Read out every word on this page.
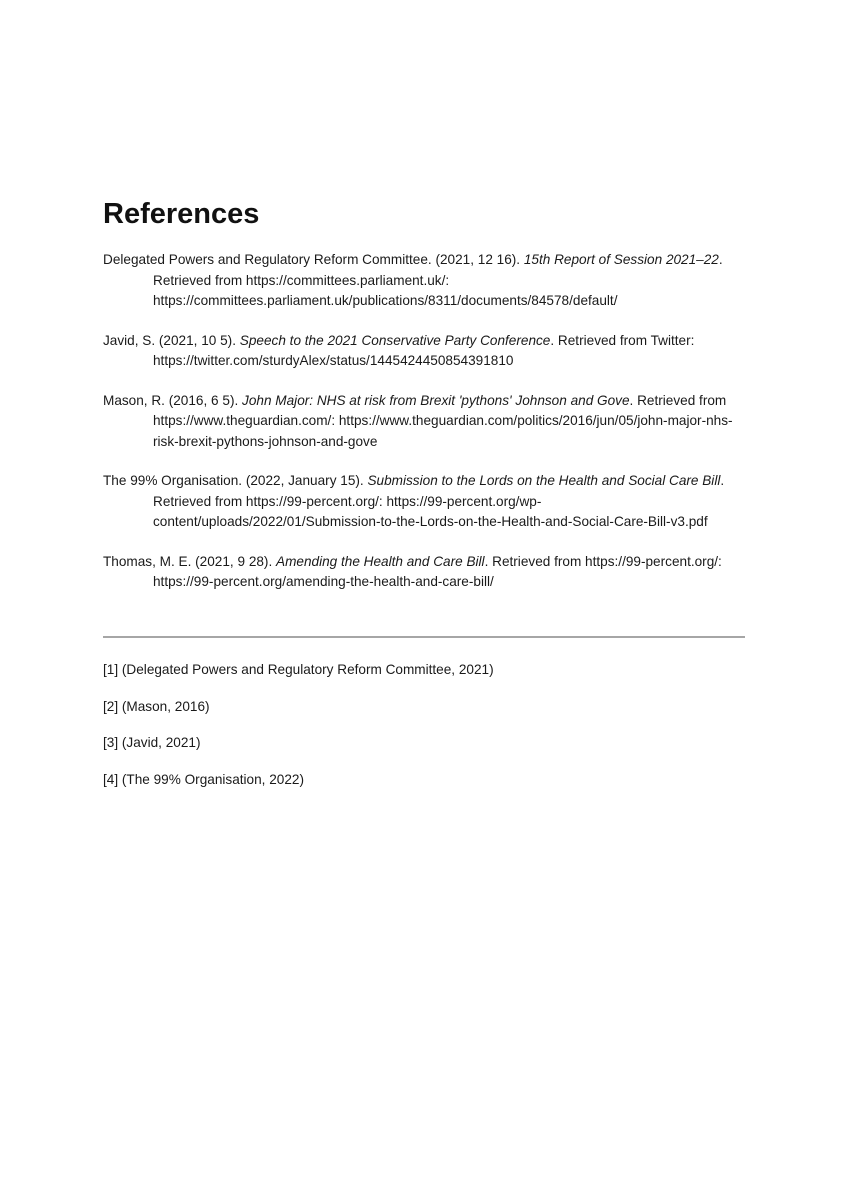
References

Delegated Powers and Regulatory Reform Committee. (2021, 12 16). 15th Report of Session 2021–22. Retrieved from https://committees.parliament.uk/: https://committees.parliament.uk/publications/8311/documents/84578/default/

Javid, S. (2021, 10 5). Speech to the 2021 Conservative Party Conference. Retrieved from Twitter: https://twitter.com/sturdyAlex/status/1445424450854391810

Mason, R. (2016, 6 5). John Major: NHS at risk from Brexit 'pythons' Johnson and Gove. Retrieved from https://www.theguardian.com/: https://www.theguardian.com/politics/2016/jun/05/john-major-nhs-risk-brexit-pythons-johnson-and-gove

The 99% Organisation. (2022, January 15). Submission to the Lords on the Health and Social Care Bill. Retrieved from https://99-percent.org/: https://99-percent.org/wp-content/uploads/2022/01/Submission-to-the-Lords-on-the-Health-and-Social-Care-Bill-v3.pdf

Thomas, M. E. (2021, 9 28). Amending the Health and Care Bill. Retrieved from https://99-percent.org/: https://99-percent.org/amending-the-health-and-care-bill/

[1] (Delegated Powers and Regulatory Reform Committee, 2021)

[2] (Mason, 2016)

[3] (Javid, 2021)

[4] (The 99% Organisation, 2022)
